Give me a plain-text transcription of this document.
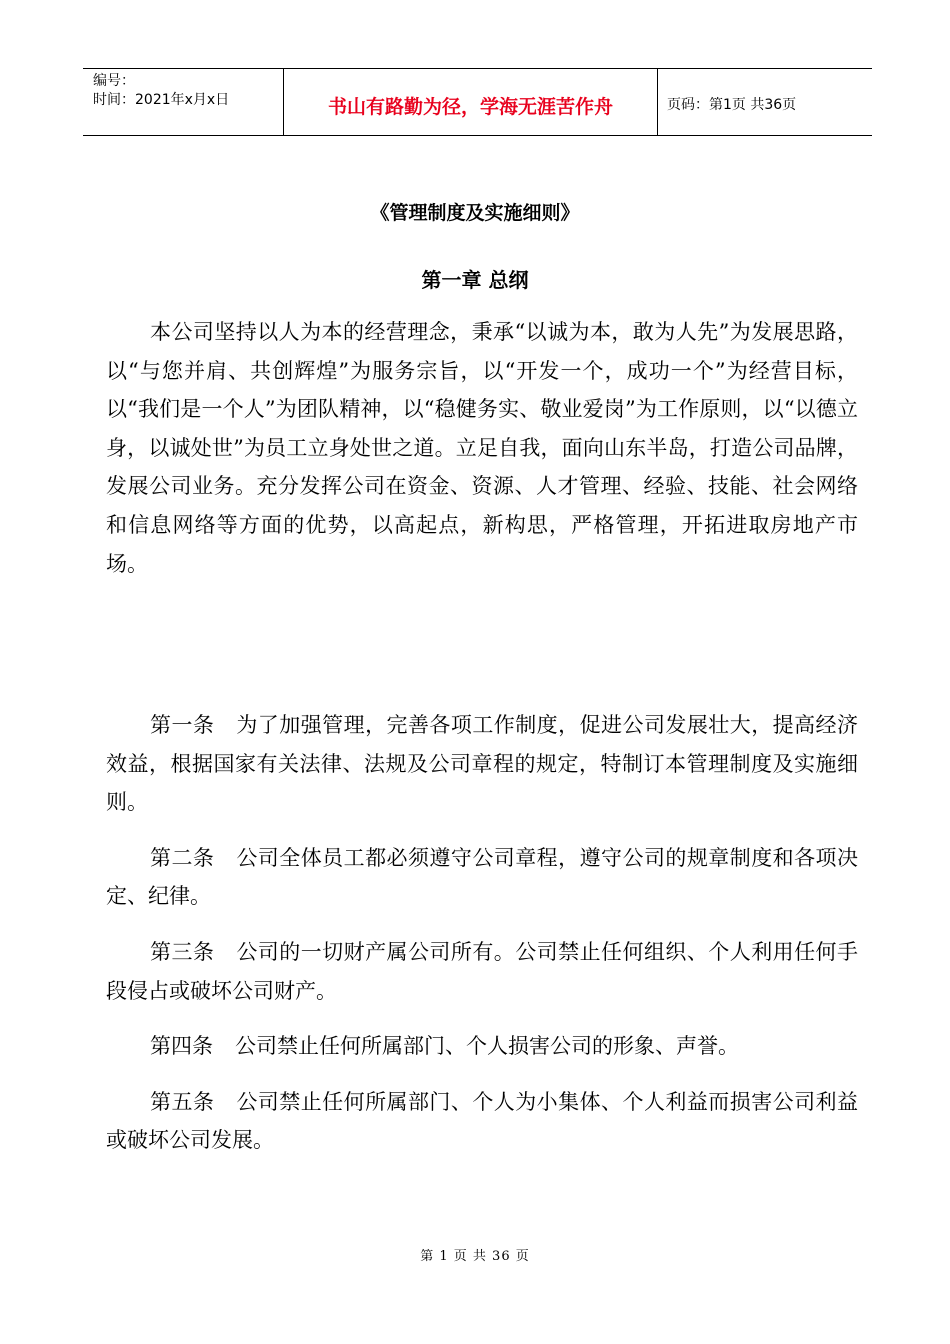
编号：
时间：2021年x月x日	书山有路勤为径，学海无涯苦作舟	页码：第1页 共36页
《管理制度及实施细则》
第一章 总纲

本公司坚持以人为本的经营理念，秉承“以诚为本，敢为人先”为发展思路，以“与您并肩、共创辉煌”为服务宗旨，以“开发一个，成功一个”为经营目标，以“我们是一个人”为团队精神，以“稳健务实、敬业爱岗”为工作原则，以“以德立身，以诚处世”为员工立身处世之道。立足自我，面向山东半岛，打造公司品牌，发展公司业务。充分发挥公司在资金、资源、人才管理、经验、技能、社会网络和信息网络等方面的优势，以高起点，新构思，严格管理，开拓进取房地产市场。

第一条 为了加强管理，完善各项工作制度，促进公司发展壮大，提高经济效益，根据国家有关法律、法规及公司章程的规定，特制订本管理制度及实施细则。

第二条 公司全体员工都必须遵守公司章程，遵守公司的规章制度和各项决定、纪律。

第三条 公司的一切财产属公司所有。公司禁止任何组织、个人利用任何手段侵占或破坏公司财产。

第四条 公司禁止任何所属部门、个人损害公司的形象、声誉。

第五条 公司禁止任何所属部门、个人为小集体、个人利益而损害公司利益或破坏公司发展。

第 1 页 共 36 页
